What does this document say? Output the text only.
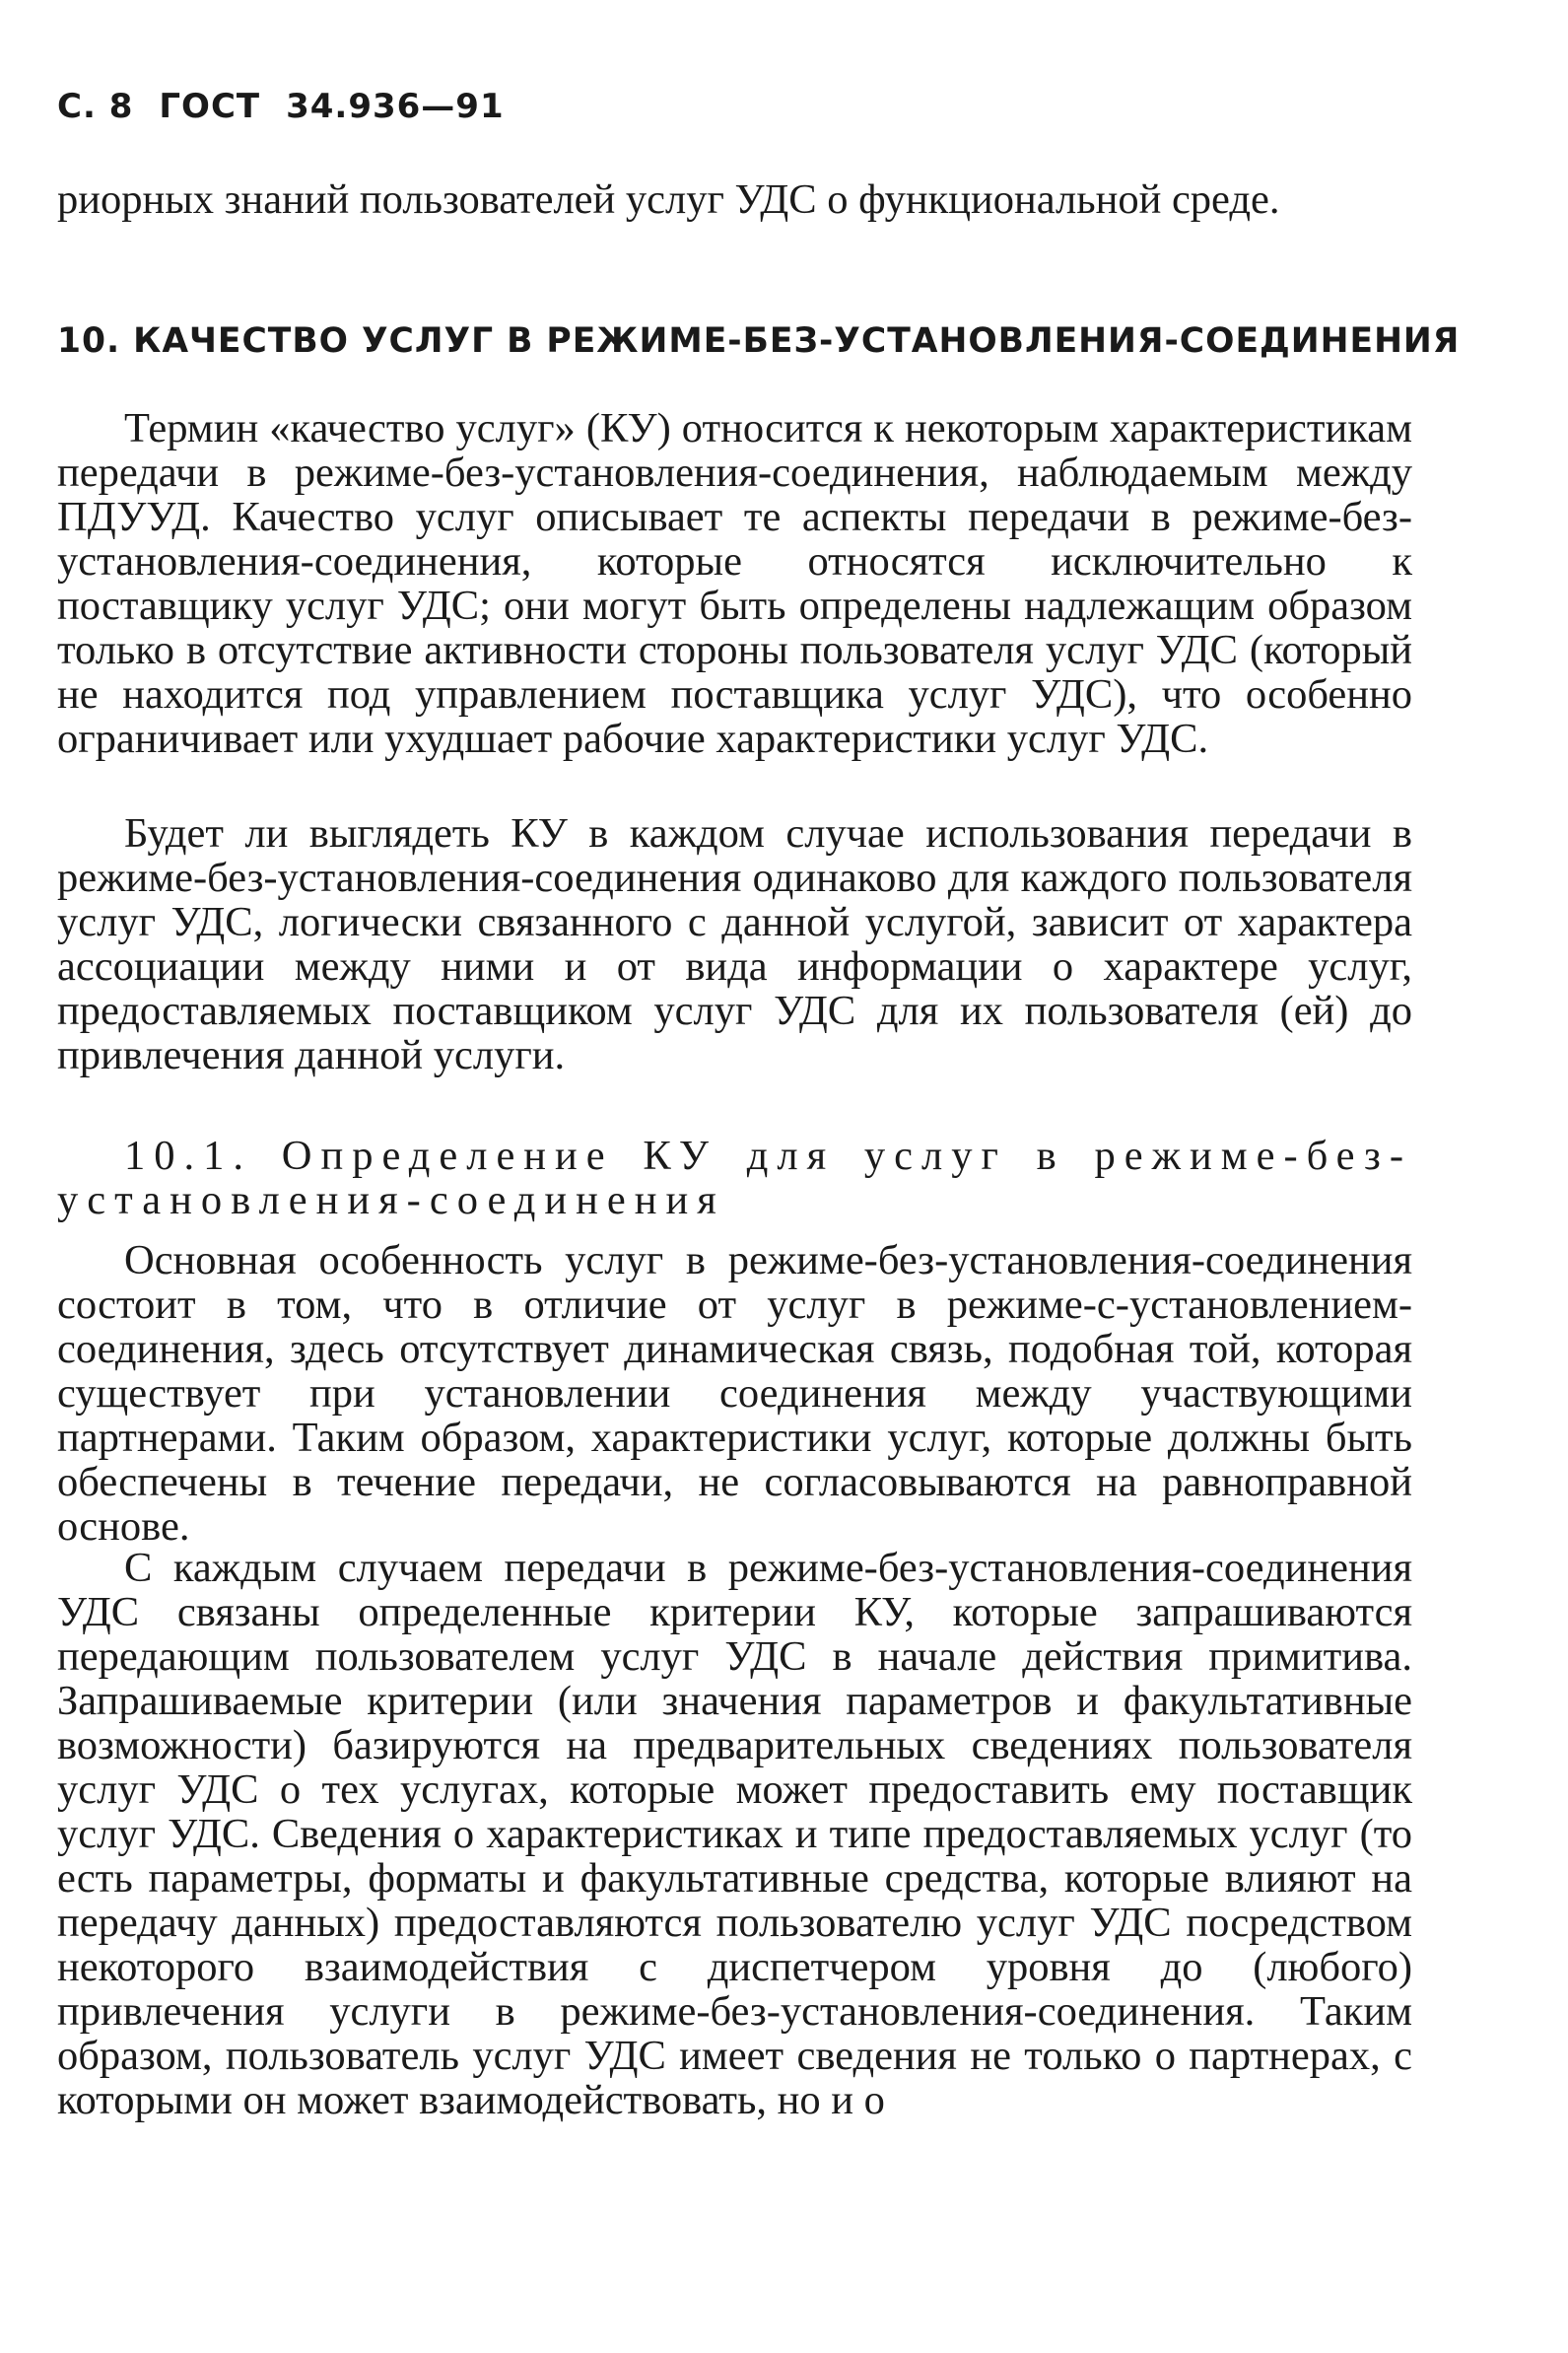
С. 8 ГОСТ 34.936—91
риорных знаний пользователей услуг УДС о функциональной среде.
10. КАЧЕСТВО УСЛУГ В РЕЖИМЕ-БЕЗ-УСТАНОВЛЕНИЯ-СОЕДИНЕНИЯ
Термин «качество услуг» (КУ) относится к некоторым характеристикам передачи в режиме-без-установления-соединения, наблюдаемым между ПДУУД. Качество услуг описывает те аспекты передачи в режиме-без-установления-соединения, которые относятся исключительно к поставщику услуг УДС; они могут быть определены надлежащим образом только в отсутствие активности стороны пользователя услуг УДС (который не находится под управлением поставщика услуг УДС), что особенно ограничивает или ухудшает рабочие характеристики услуг УДС.
Будет ли выглядеть КУ в каждом случае использования передачи в режиме-без-установления-соединения одинаково для каждого пользователя услуг УДС, логически связанного с данной услугой, зависит от характера ассоциации между ними и от вида информации о характере услуг, предоставляемых поставщиком услуг УДС для их пользователя (ей) до привлечения данной услуги.
10.1. Определение КУ для услуг в режиме-без-установления-соединения
Основная особенность услуг в режиме-без-установления-соединения состоит в том, что в отличие от услуг в режиме-с-установлением-соединения, здесь отсутствует динамическая связь, подобная той, которая существует при установлении соединения между участвующими партнерами. Таким образом, характеристики услуг, которые должны быть обеспечены в течение передачи, не согласовываются на равноправной основе.
С каждым случаем передачи в режиме-без-установления-соединения УДС связаны определенные критерии КУ, которые запрашиваются передающим пользователем услуг УДС в начале действия примитива. Запрашиваемые критерии (или значения параметров и факультативные возможности) базируются на предварительных сведениях пользователя услуг УДС о тех услугах, которые может предоставить ему поставщик услуг УДС. Сведения о характеристиках и типе предоставляемых услуг (то есть параметры, форматы и факультативные средства, которые влияют на передачу данных) предоставляются пользователю услуг УДС посредством некоторого взаимодействия с диспетчером уровня до (любого) привлечения услуги в режиме-без-установления-соединения. Таким образом, пользователь услуг УДС имеет сведения не только о партнерах, с которыми он может взаимодействовать, но и о
